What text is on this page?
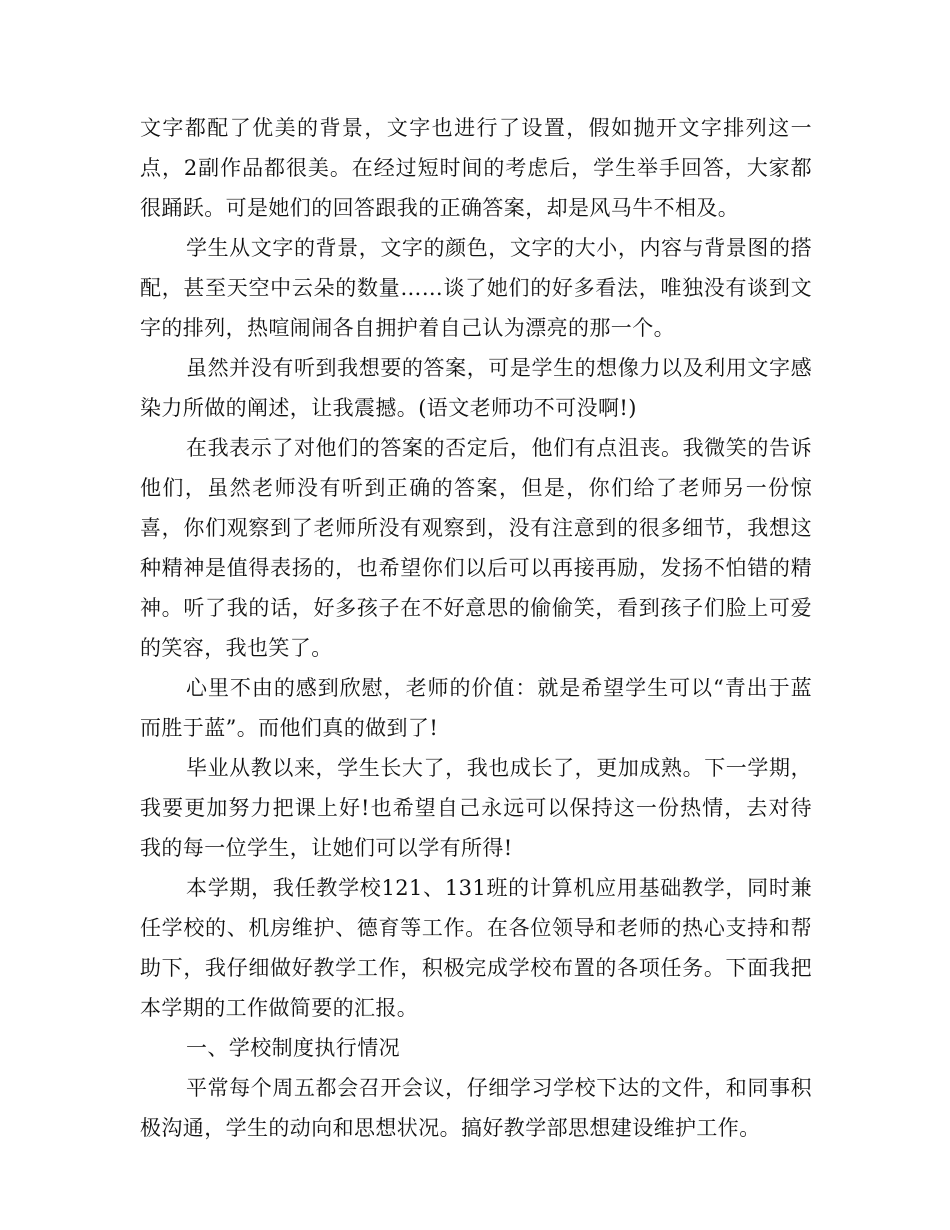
文字都配了优美的背景，文字也进行了设置，假如抛开文字排列这一点，2副作品都很美。在经过短时间的考虑后，学生举手回答，大家都很踊跃。可是她们的回答跟我的正确答案，却是风马牛不相及。

学生从文字的背景，文字的颜色，文字的大小，内容与背景图的搭配，甚至天空中云朵的数量……谈了她们的好多看法，唯独没有谈到文字的排列，热喧闹闹各自拥护着自己认为漂亮的那一个。

虽然并没有听到我想要的答案，可是学生的想像力以及利用文字感染力所做的阐述，让我震撼。(语文老师功不可没啊!)

在我表示了对他们的答案的否定后，他们有点沮丧。我微笑的告诉他们，虽然老师没有听到正确的答案，但是，你们给了老师另一份惊喜，你们观察到了老师所没有观察到，没有注意到的很多细节，我想这种精神是值得表扬的，也希望你们以后可以再接再励，发扬不怕错的精神。听了我的话，好多孩子在不好意思的偷偷笑，看到孩子们脸上可爱的笑容，我也笑了。

心里不由的感到欣慰，老师的价值：就是希望学生可以“青出于蓝而胜于蓝”。而他们真的做到了!

毕业从教以来，学生长大了，我也成长了，更加成熟。下一学期，我要更加努力把课上好!也希望自己永远可以保持这一份热情，去对待我的每一位学生，让她们可以学有所得!

本学期，我任教学校121、131班的计算机应用基础教学，同时兼任学校的、机房维护、德育等工作。在各位领导和老师的热心支持和帮助下，我仔细做好教学工作，积极完成学校布置的各项任务。下面我把本学期的工作做简要的汇报。

一、学校制度执行情况

平常每个周五都会召开会议，仔细学习学校下达的文件，和同事积极沟通，学生的动向和思想状况。搞好教学部思想建设维护工作。
